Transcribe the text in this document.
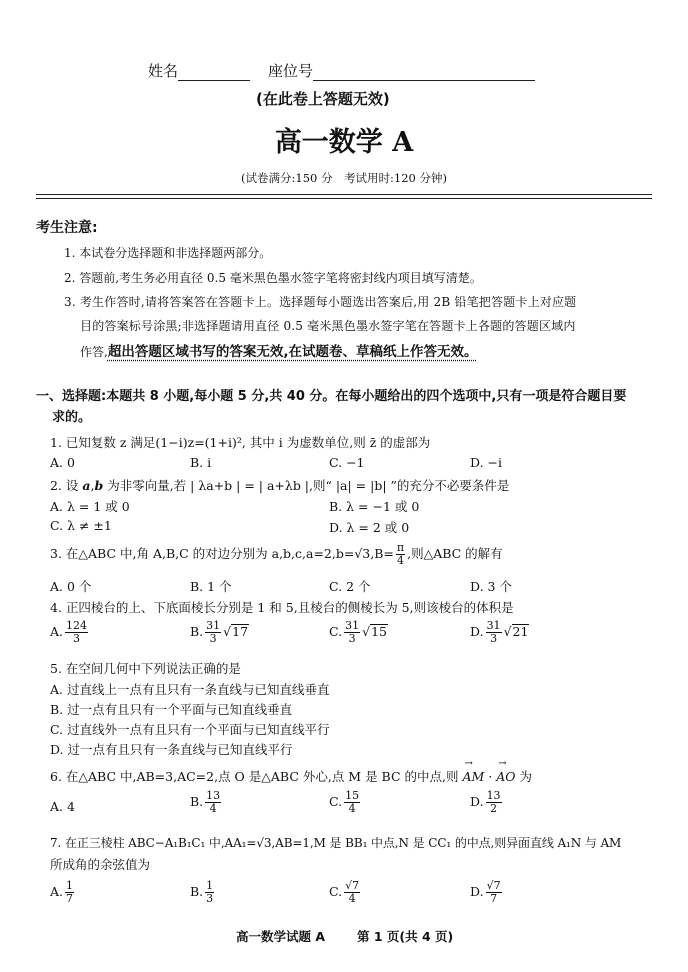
姓名	座位号
(在此卷上答题无效)
高一数学 A
(试卷满分:150 分　考试用时:120 分钟)
考生注意:
1. 本试卷分选择题和非选择题两部分。
2. 答题前,考生务必用直径 0.5 毫米黑色墨水签字笔将密封线内项目填写清楚。
3. 考生作答时,请将答案答在答题卡上。选择题每小题选出答案后,用 2B 铅笔把答题卡上对应题
目的答案标号涂黑;非选择题请用直径 0.5 毫米黑色墨水签字笔在答题卡上各题的答题区域内
作答,超出答题区域书写的答案无效,在试题卷、草稿纸上作答无效。
一、选择题:本题共 8 小题,每小题 5 分,共 40 分。在每小题给出的四个选项中,只有一项是符合题目要
求的。
1. 已知复数 z 满足(1−i)z=(1+i)², 其中 i 为虚数单位,则 z̄ 的虚部为
A. 0	B. i	C. −1	D. −i
2. 设 a,b 为非零向量,若 | λa+b | = | a+λb |,则“ |a| = |b| ”的充分不必要条件是
A. λ = 1 或 0	B. λ = −1 或 0
C. λ ≠ ±1	D. λ = 2 或 0
3. 在△ABC 中,角 A,B,C 的对边分别为 $a,b,c,a=2,b=√3,B= \frac{\pi}{4}$ ,则△ABC 的解有
A. 0 个	B. 1 个	C. 2 个	D. 3 个
4. 正四棱台的上、下底面棱长分别是 1 和 5,且棱台的侧棱长为 5,则该棱台的体积是
A. $\frac{124}{3}$	B. $\frac{31}{3} √17$	C. $\frac{31}{3} √15$	D. $\frac{31}{3} √21$
5. 在空间几何中下列说法正确的是
A. 过直线上一点有且只有一条直线与已知直线垂直
B. 过一点有且只有一个平面与已知直线垂直
C. 过直线外一点有且只有一个平面与已知直线平行
D. 过一点有且只有一条直线与已知直线平行
6. 在△ABC 中,AB=3,AC=2,点 O 是△ABC 外心,点 M 是 BC 的中点,则 → AM · → AO 为
A. 4	B. $\frac{13}{4}$	C. $\frac{15}{4}$	D. $\frac{13}{2}$
7. 在正三棱柱 ABC−A₁B₁C₁ 中,AA₁=√3,AB=1,M 是 BB₁ 中点,N 是 CC₁ 的中点,则异面直线 A₁N 与 AM
所成角的余弦值为
A. $\frac{1}{7}$	B. $\frac{1}{3}$	C. $\frac{√7}{4}$	D. $\frac{√7}{7}$
高一数学试题 A	第 1 页(共 4 页)
